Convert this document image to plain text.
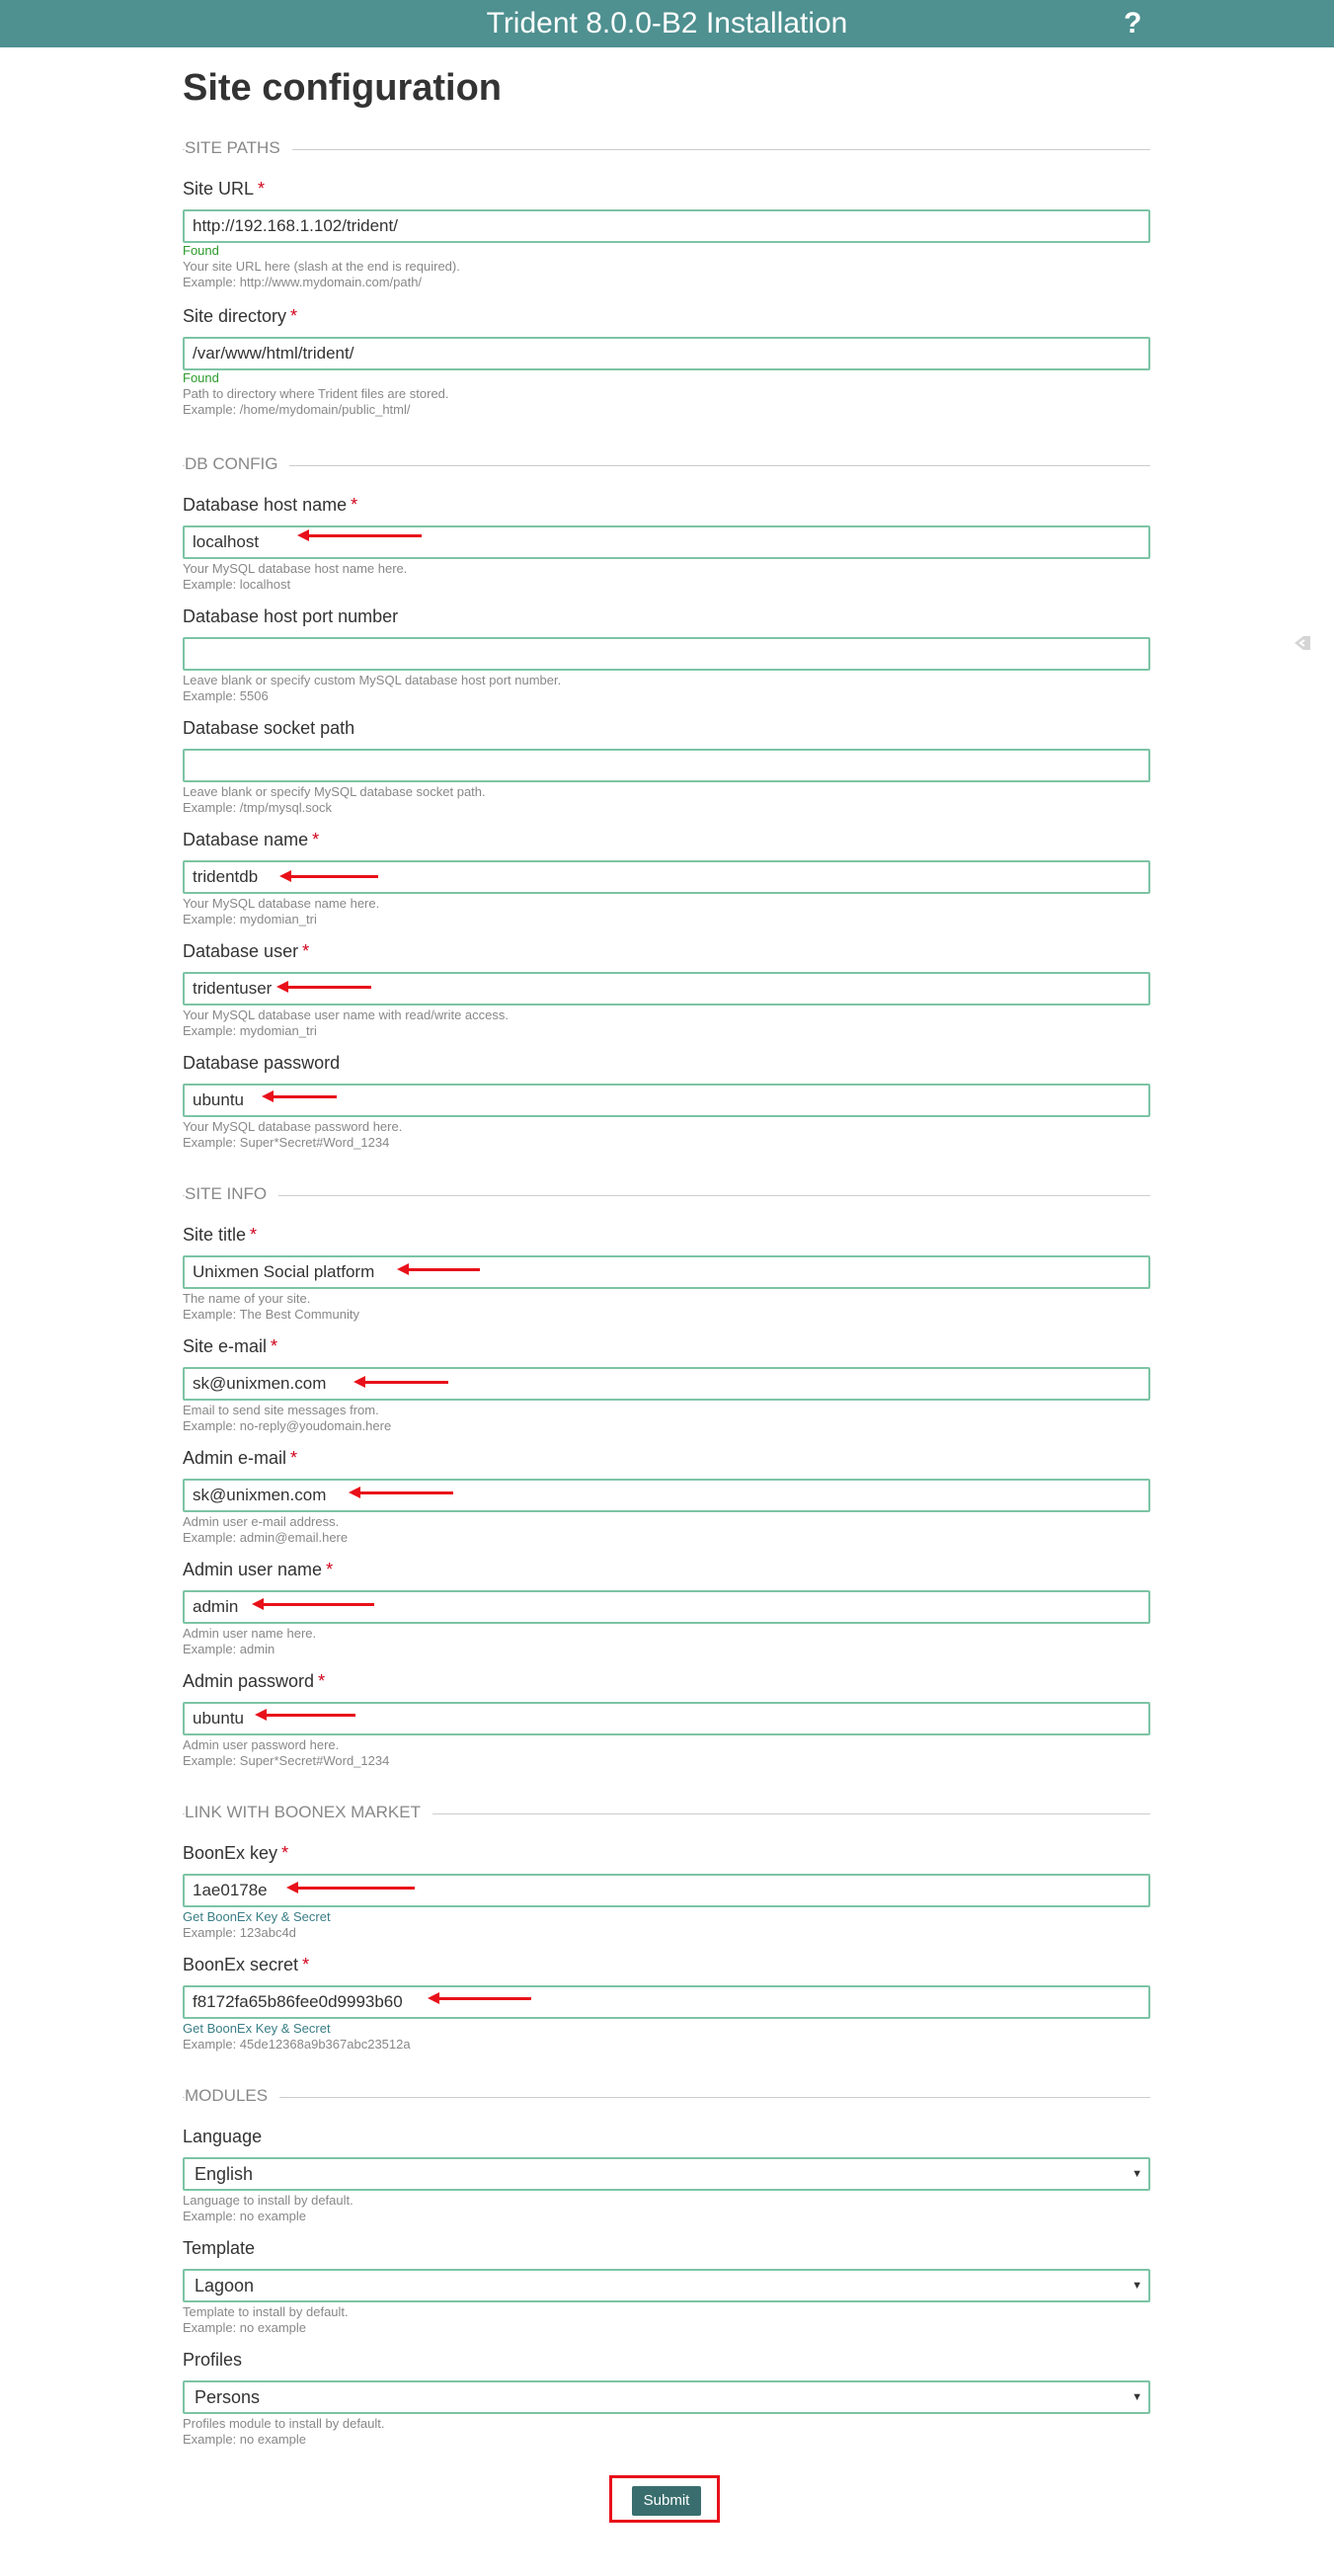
Trident 8.0.0-B2 Installation	?
Site configuration
SITE PATHS
Site URL *
http://192.168.1.102/trident/
Found
Your site URL here (slash at the end is required).
Example: http://www.mydomain.com/path/
Site directory *
/var/www/html/trident/
Found
Path to directory where Trident files are stored.
Example: /home/mydomain/public_html/
DB CONFIG
Database host name *
localhost
Your MySQL database host name here.
Example: localhost
Database host port number
Leave blank or specify custom MySQL database host port number.
Example: 5506
Database socket path
Leave blank or specify MySQL database socket path.
Example: /tmp/mysql.sock
Database name *
tridentdb
Your MySQL database name here.
Example: mydomian_tri
Database user *
tridentuser
Your MySQL database user name with read/write access.
Example: mydomian_tri
Database password
ubuntu
Your MySQL database password here.
Example: Super*Secret#Word_1234
SITE INFO
Site title *
Unixmen Social platform
The name of your site.
Example: The Best Community
Site e-mail *
sk@unixmen.com
Email to send site messages from.
Example: no-reply@youdomain.here
Admin e-mail *
sk@unixmen.com
Admin user e-mail address.
Example: admin@email.here
Admin user name *
admin
Admin user name here.
Example: admin
Admin password *
ubuntu
Admin user password here.
Example: Super*Secret#Word_1234
LINK WITH BOONEX MARKET
BoonEx key *
1ae0178e
Get BoonEx Key & Secret
Example: 123abc4d
BoonEx secret *
f8172fa65b86fee0d9993b60
Get BoonEx Key & Secret
Example: 45de12368a9b367abc23512a
MODULES
Language
English	▼
Language to install by default.
Example: no example
Template
Lagoon	▼
Template to install by default.
Example: no example
Profiles
Persons	▼
Profiles module to install by default.
Example: no example
Submit
